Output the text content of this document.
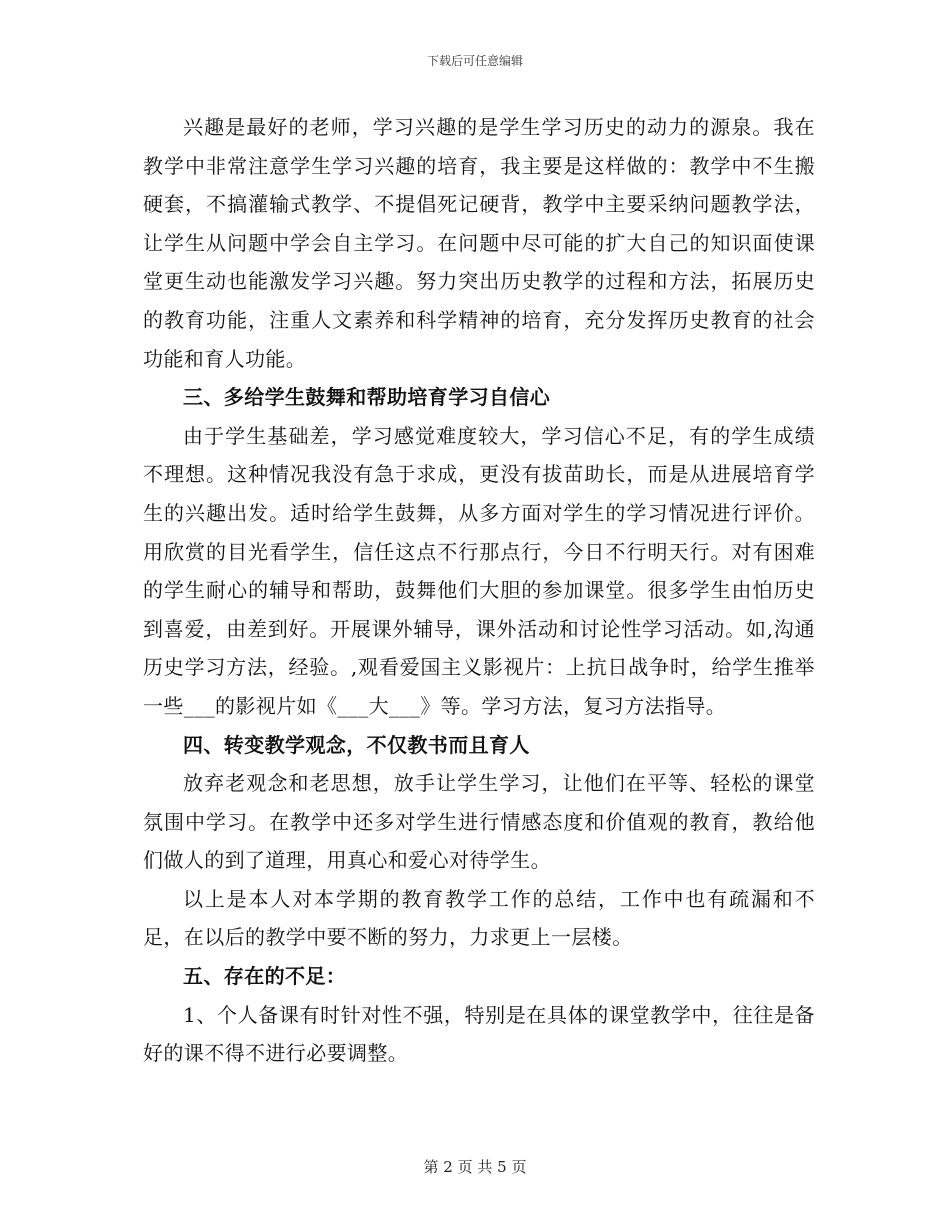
下载后可任意编辑

兴趣是最好的老师，学习兴趣的是学生学习历史的动力的源泉。我在教学中非常注意学生学习兴趣的培育，我主要是这样做的：教学中不生搬硬套，不搞灌输式教学、不提倡死记硬背，教学中主要采纳问题教学法，让学生从问题中学会自主学习。在问题中尽可能的扩大自己的知识面使课堂更生动也能激发学习兴趣。努力突出历史教学的过程和方法，拓展历史的教育功能，注重人文素养和科学精神的培育，充分发挥历史教育的社会功能和育人功能。

三、多给学生鼓舞和帮助培育学习自信心

由于学生基础差，学习感觉难度较大，学习信心不足，有的学生成绩不理想。这种情况我没有急于求成，更没有拔苗助长，而是从进展培育学生的兴趣出发。适时给学生鼓舞，从多方面对学生的学习情况进行评价。用欣赏的目光看学生，信任这点不行那点行，今日不行明天行。对有困难的学生耐心的辅导和帮助，鼓舞他们大胆的参加课堂。很多学生由怕历史到喜爱，由差到好。开展课外辅导，课外活动和讨论性学习活动。如,沟通历史学习方法，经验。,观看爱国主义影视片：上抗日战争时，给学生推举一些___的影视片如《___大___》等。学习方法，复习方法指导。

四、转变教学观念，不仅教书而且育人

放弃老观念和老思想，放手让学生学习，让他们在平等、轻松的课堂氛围中学习。在教学中还多对学生进行情感态度和价值观的教育，教给他们做人的到了道理，用真心和爱心对待学生。

以上是本人对本学期的教育教学工作的总结，工作中也有疏漏和不足，在以后的教学中要不断的努力，力求更上一层楼。

五、存在的不足：

1、个人备课有时针对性不强，特别是在具体的课堂教学中，往往是备好的课不得不进行必要调整。

第 2 页 共 5 页
